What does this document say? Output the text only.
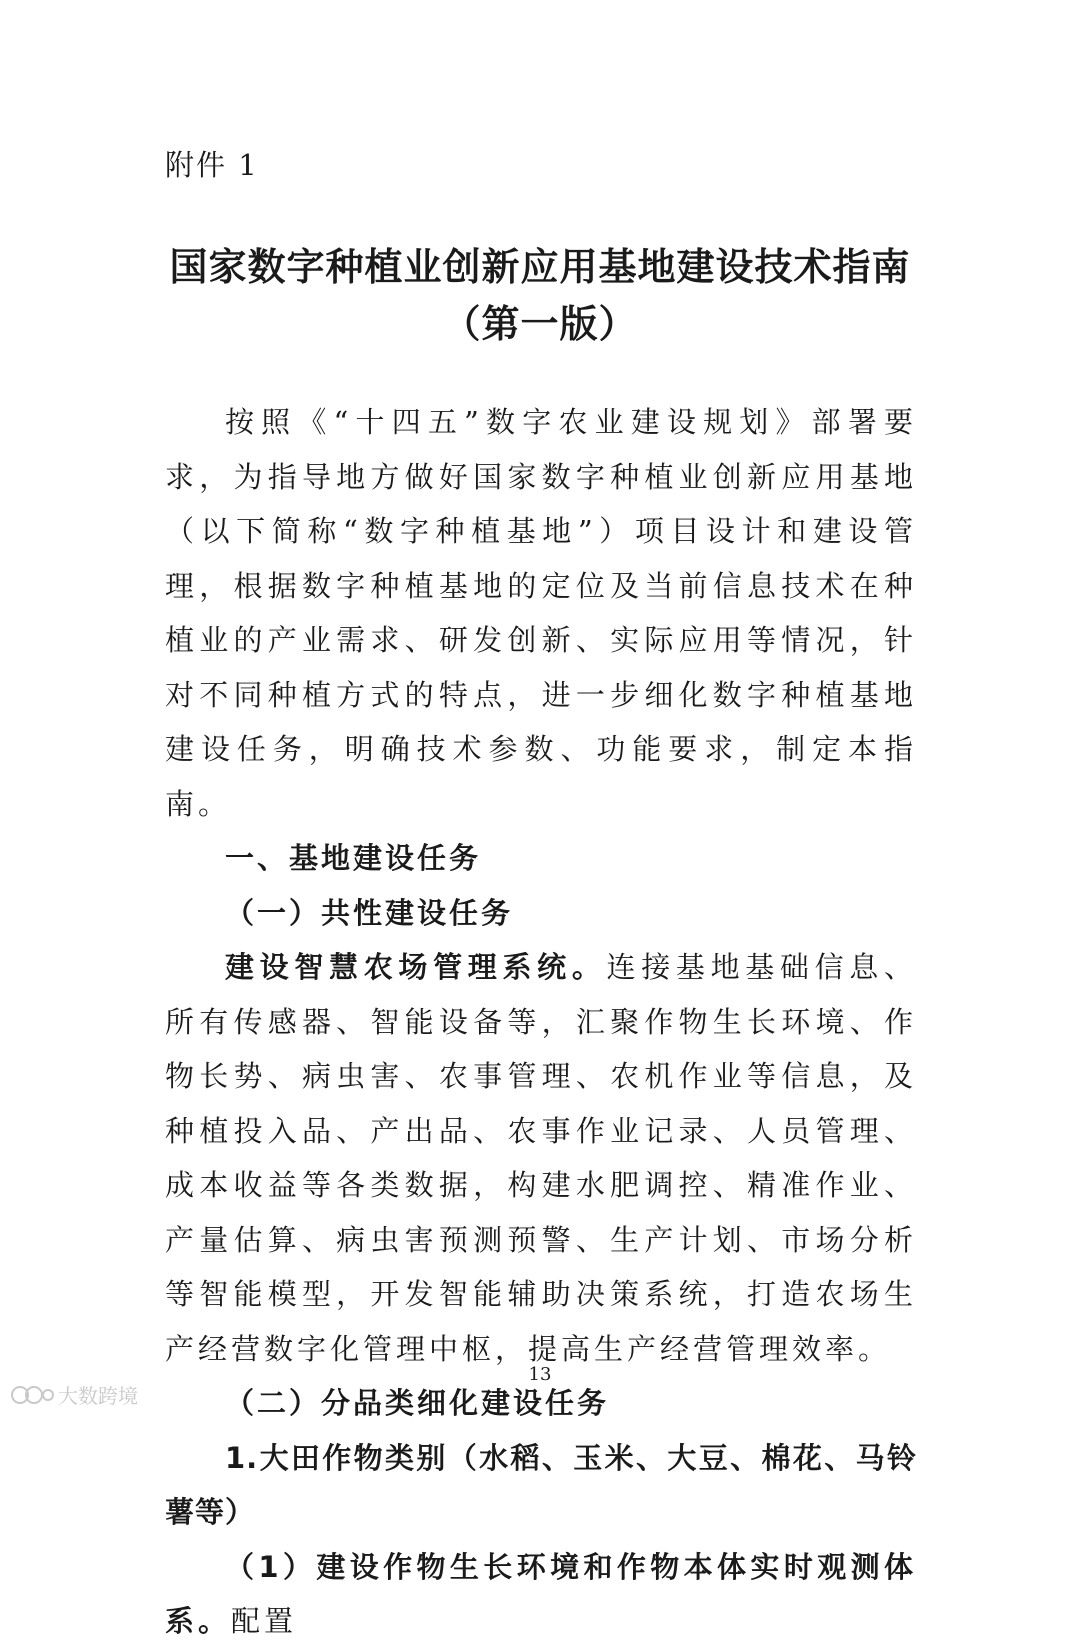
附件 1
国家数字种植业创新应用基地建设技术指南
（第一版）

按照《“十四五”数字农业建设规划》部署要求，为指导地方做好国家数字种植业创新应用基地（以下简称“数字种植基地”）项目设计和建设管理，根据数字种植基地的定位及当前信息技术在种植业的产业需求、研发创新、实际应用等情况，针对不同种植方式的特点，进一步细化数字种植基地建设任务，明确技术参数、功能要求，制定本指南。

一、基地建设任务

（一）共性建设任务

建设智慧农场管理系统。连接基地基础信息、所有传感器、智能设备等，汇聚作物生长环境、作物长势、病虫害、农事管理、农机作业等信息，及种植投入品、产出品、农事作业记录、人员管理、成本收益等各类数据，构建水肥调控、精准作业、产量估算、病虫害预测预警、生产计划、市场分析等智能模型，开发智能辅助决策系统，打造农场生产经营数字化管理中枢，提高生产经营管理效率。

（二）分品类细化建设任务

1.大田作物类别（水稻、玉米、大豆、棉花、马铃薯等）

（1）建设作物生长环境和作物本体实时观测体系。配置

13
大数跨境
